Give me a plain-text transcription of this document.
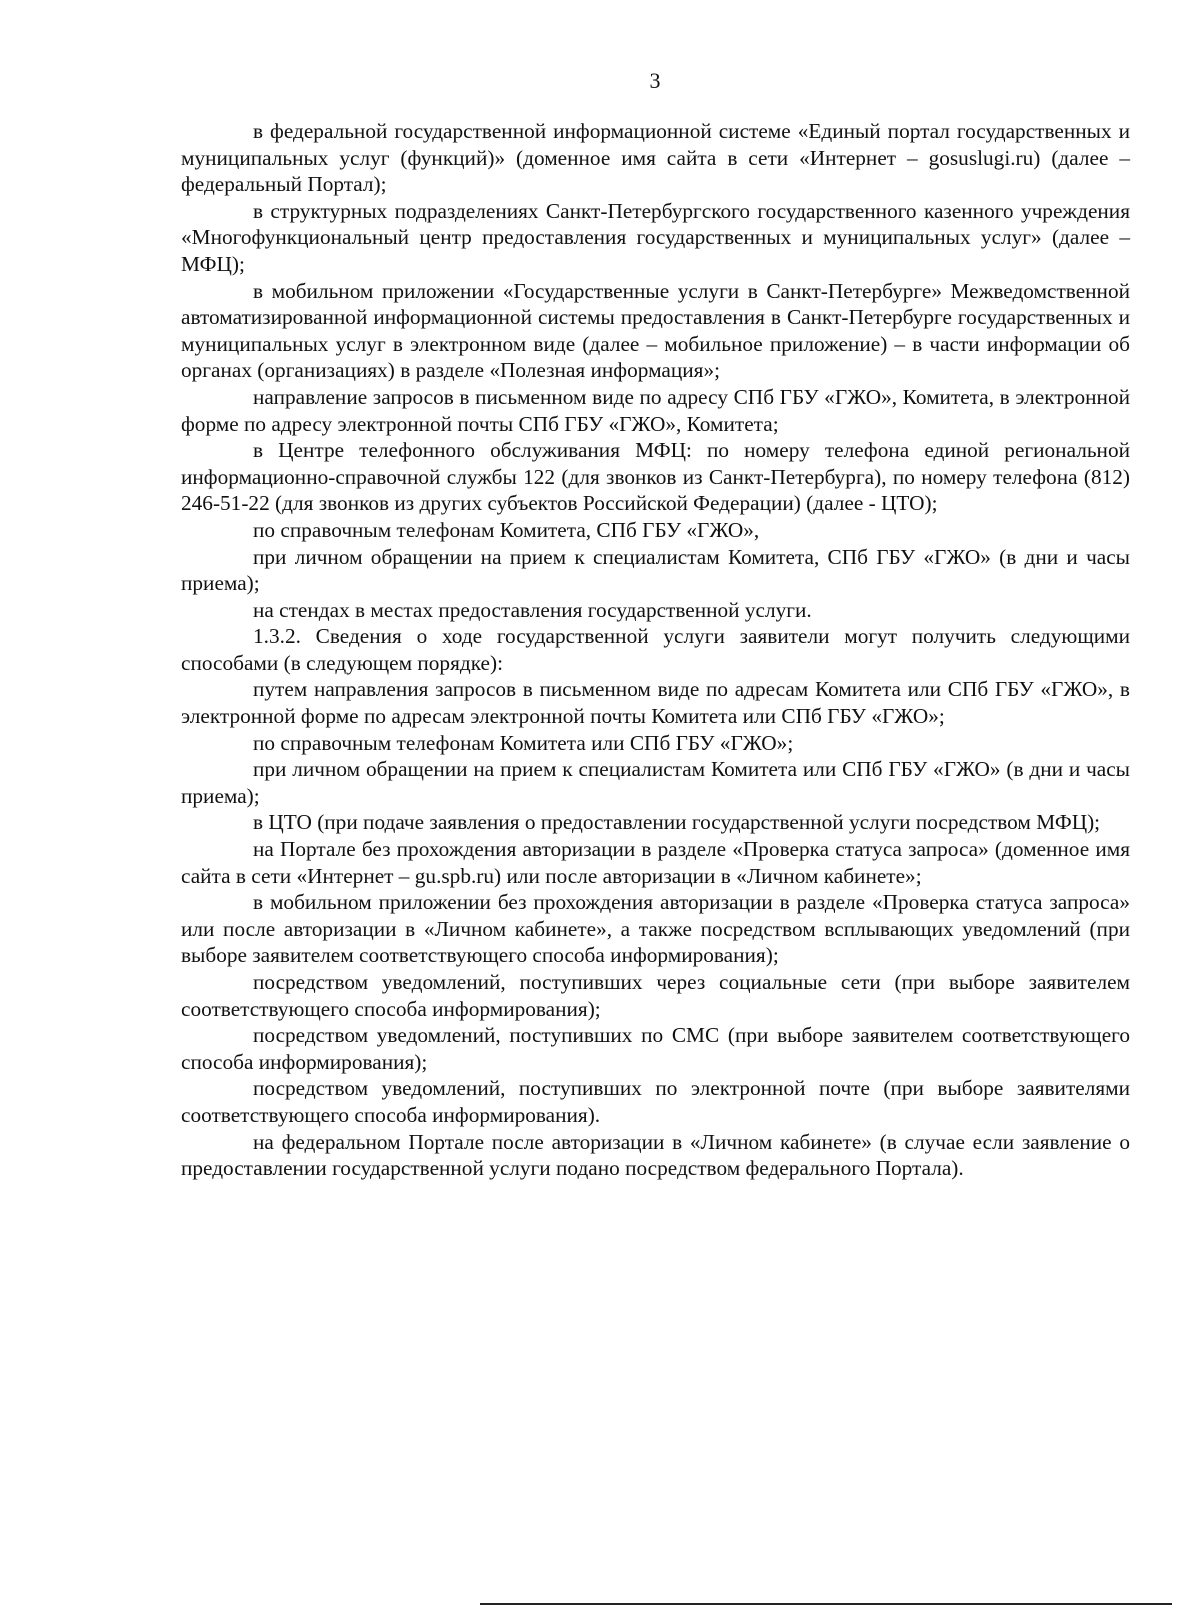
3

в федеральной государственной информационной системе «Единый портал государственных и муниципальных услуг (функций)» (доменное имя сайта в сети «Интернет – gosuslugi.ru) (далее – федеральный Портал);

в структурных подразделениях Санкт-Петербургского государственного казенного учреждения «Многофункциональный центр предоставления государственных и муниципальных услуг» (далее – МФЦ);

в мобильном приложении «Государственные услуги в Санкт-Петербурге» Межведомственной автоматизированной информационной системы предоставления в Санкт-Петербурге государственных и муниципальных услуг в электронном виде (далее – мобильное приложение) – в части информации об органах (организациях) в разделе «Полезная информация»;

направление запросов в письменном виде по адресу СПб ГБУ «ГЖО», Комитета, в электронной форме по адресу электронной почты СПб ГБУ «ГЖО», Комитета;

в Центре телефонного обслуживания МФЦ: по номеру телефона единой региональной информационно-справочной службы 122 (для звонков из Санкт-Петербурга), по номеру телефона (812) 246-51-22 (для звонков из других субъектов Российской Федерации) (далее - ЦТО);

по справочным телефонам Комитета, СПб ГБУ «ГЖО»,

при личном обращении на прием к специалистам Комитета, СПб ГБУ «ГЖО» (в дни и часы приема);

на стендах в местах предоставления государственной услуги.

1.3.2. Сведения о ходе государственной услуги заявители могут получить следующими способами (в следующем порядке):

путем направления запросов в письменном виде по адресам Комитета или СПб ГБУ «ГЖО», в электронной форме по адресам электронной почты Комитета или СПб ГБУ «ГЖО»;

по справочным телефонам Комитета или СПб ГБУ «ГЖО»;

при личном обращении на прием к специалистам Комитета или СПб ГБУ «ГЖО» (в дни и часы приема);

в ЦТО (при подаче заявления о предоставлении государственной услуги посредством МФЦ);

на Портале без прохождения авторизации в разделе «Проверка статуса запроса» (доменное имя сайта в сети «Интернет – gu.spb.ru) или после авторизации в «Личном кабинете»;

в мобильном приложении без прохождения авторизации в разделе «Проверка статуса запроса» или после авторизации в «Личном кабинете», а также посредством всплывающих уведомлений (при выборе заявителем соответствующего способа информирования);

посредством уведомлений, поступивших через социальные сети (при выборе заявителем соответствующего способа информирования);

посредством уведомлений, поступивших по СМС (при выборе заявителем соответствующего способа информирования);

посредством уведомлений, поступивших по электронной почте (при выборе заявителями соответствующего способа информирования).

на федеральном Портале после авторизации в «Личном кабинете» (в случае если заявление о предоставлении государственной услуги подано посредством федерального Портала).
